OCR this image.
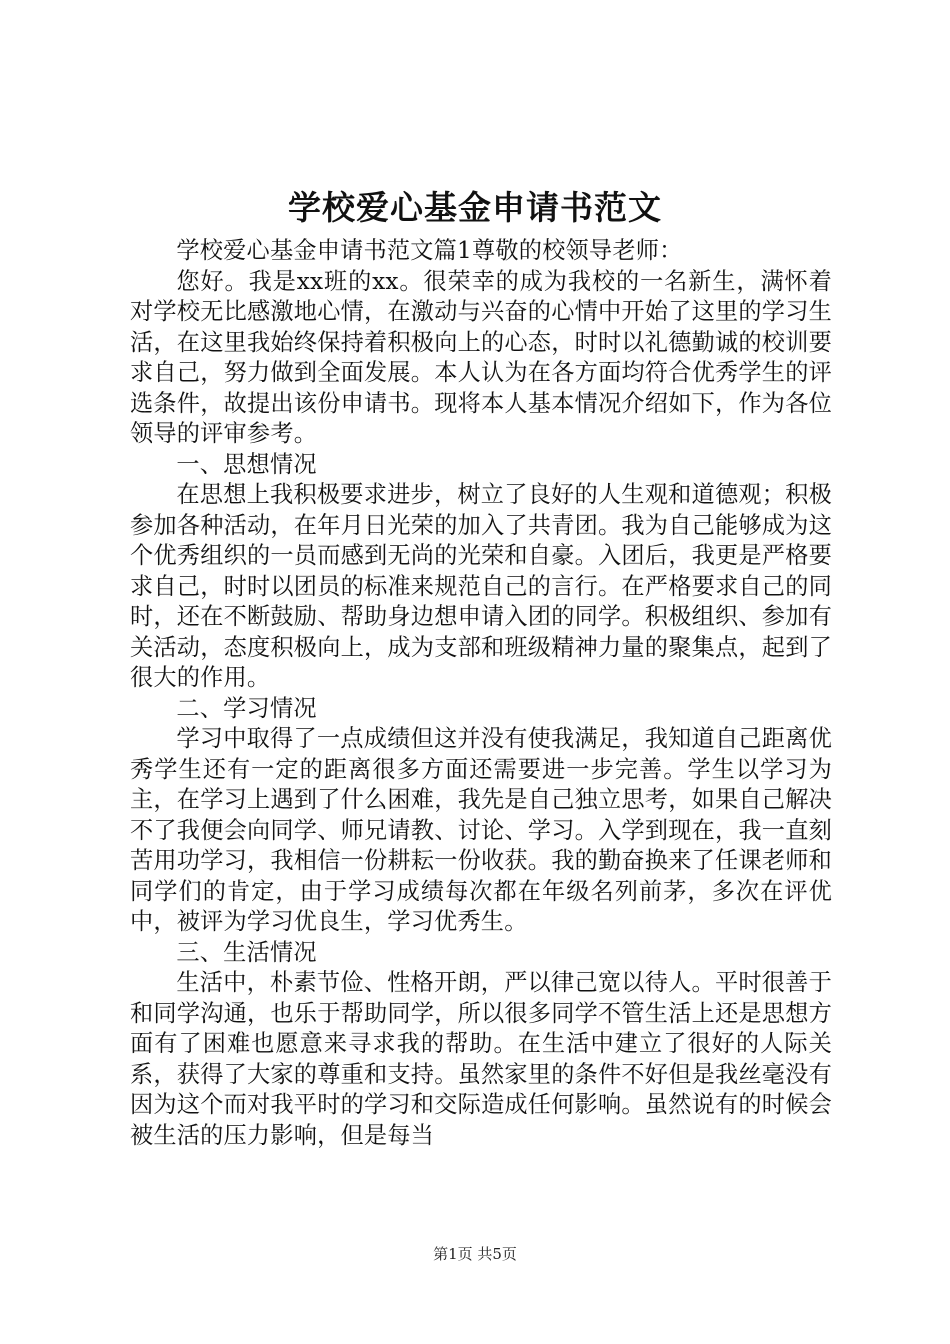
学校爱心基金申请书范文

学校爱心基金申请书范文篇1尊敬的校领导老师：

您好。我是xx班的xx。很荣幸的成为我校的一名新生，满怀着对学校无比感激地心情，在激动与兴奋的心情中开始了这里的学习生活，在这里我始终保持着积极向上的心态，时时以礼德勤诚的校训要求自己，努力做到全面发展。本人认为在各方面均符合优秀学生的评选条件，故提出该份申请书。现将本人基本情况介绍如下，作为各位领导的评审参考。

一、思想情况

在思想上我积极要求进步，树立了良好的人生观和道德观；积极参加各种活动，在年月日光荣的加入了共青团。我为自己能够成为这个优秀组织的一员而感到无尚的光荣和自豪。入团后，我更是严格要求自己，时时以团员的标准来规范自己的言行。在严格要求自己的同时，还在不断鼓励、帮助身边想申请入团的同学。积极组织、参加有关活动，态度积极向上，成为支部和班级精神力量的聚集点，起到了很大的作用。

二、学习情况

学习中取得了一点成绩但这并没有使我满足，我知道自己距离优秀学生还有一定的距离很多方面还需要进一步完善。学生以学习为主，在学习上遇到了什么困难，我先是自己独立思考，如果自己解决不了我便会向同学、师兄请教、讨论、学习。入学到现在，我一直刻苦用功学习，我相信一份耕耘一份收获。我的勤奋换来了任课老师和同学们的肯定，由于学习成绩每次都在年级名列前茅，多次在评优中，被评为学习优良生，学习优秀生。

三、生活情况

生活中，朴素节俭、性格开朗，严以律己宽以待人。平时很善于和同学沟通，也乐于帮助同学，所以很多同学不管生活上还是思想方面有了困难也愿意来寻求我的帮助。在生活中建立了很好的人际关系，获得了大家的尊重和支持。虽然家里的条件不好但是我丝毫没有因为这个而对我平时的学习和交际造成任何影响。虽然说有的时候会被生活的压力影响，但是每当

第1页 共5页
